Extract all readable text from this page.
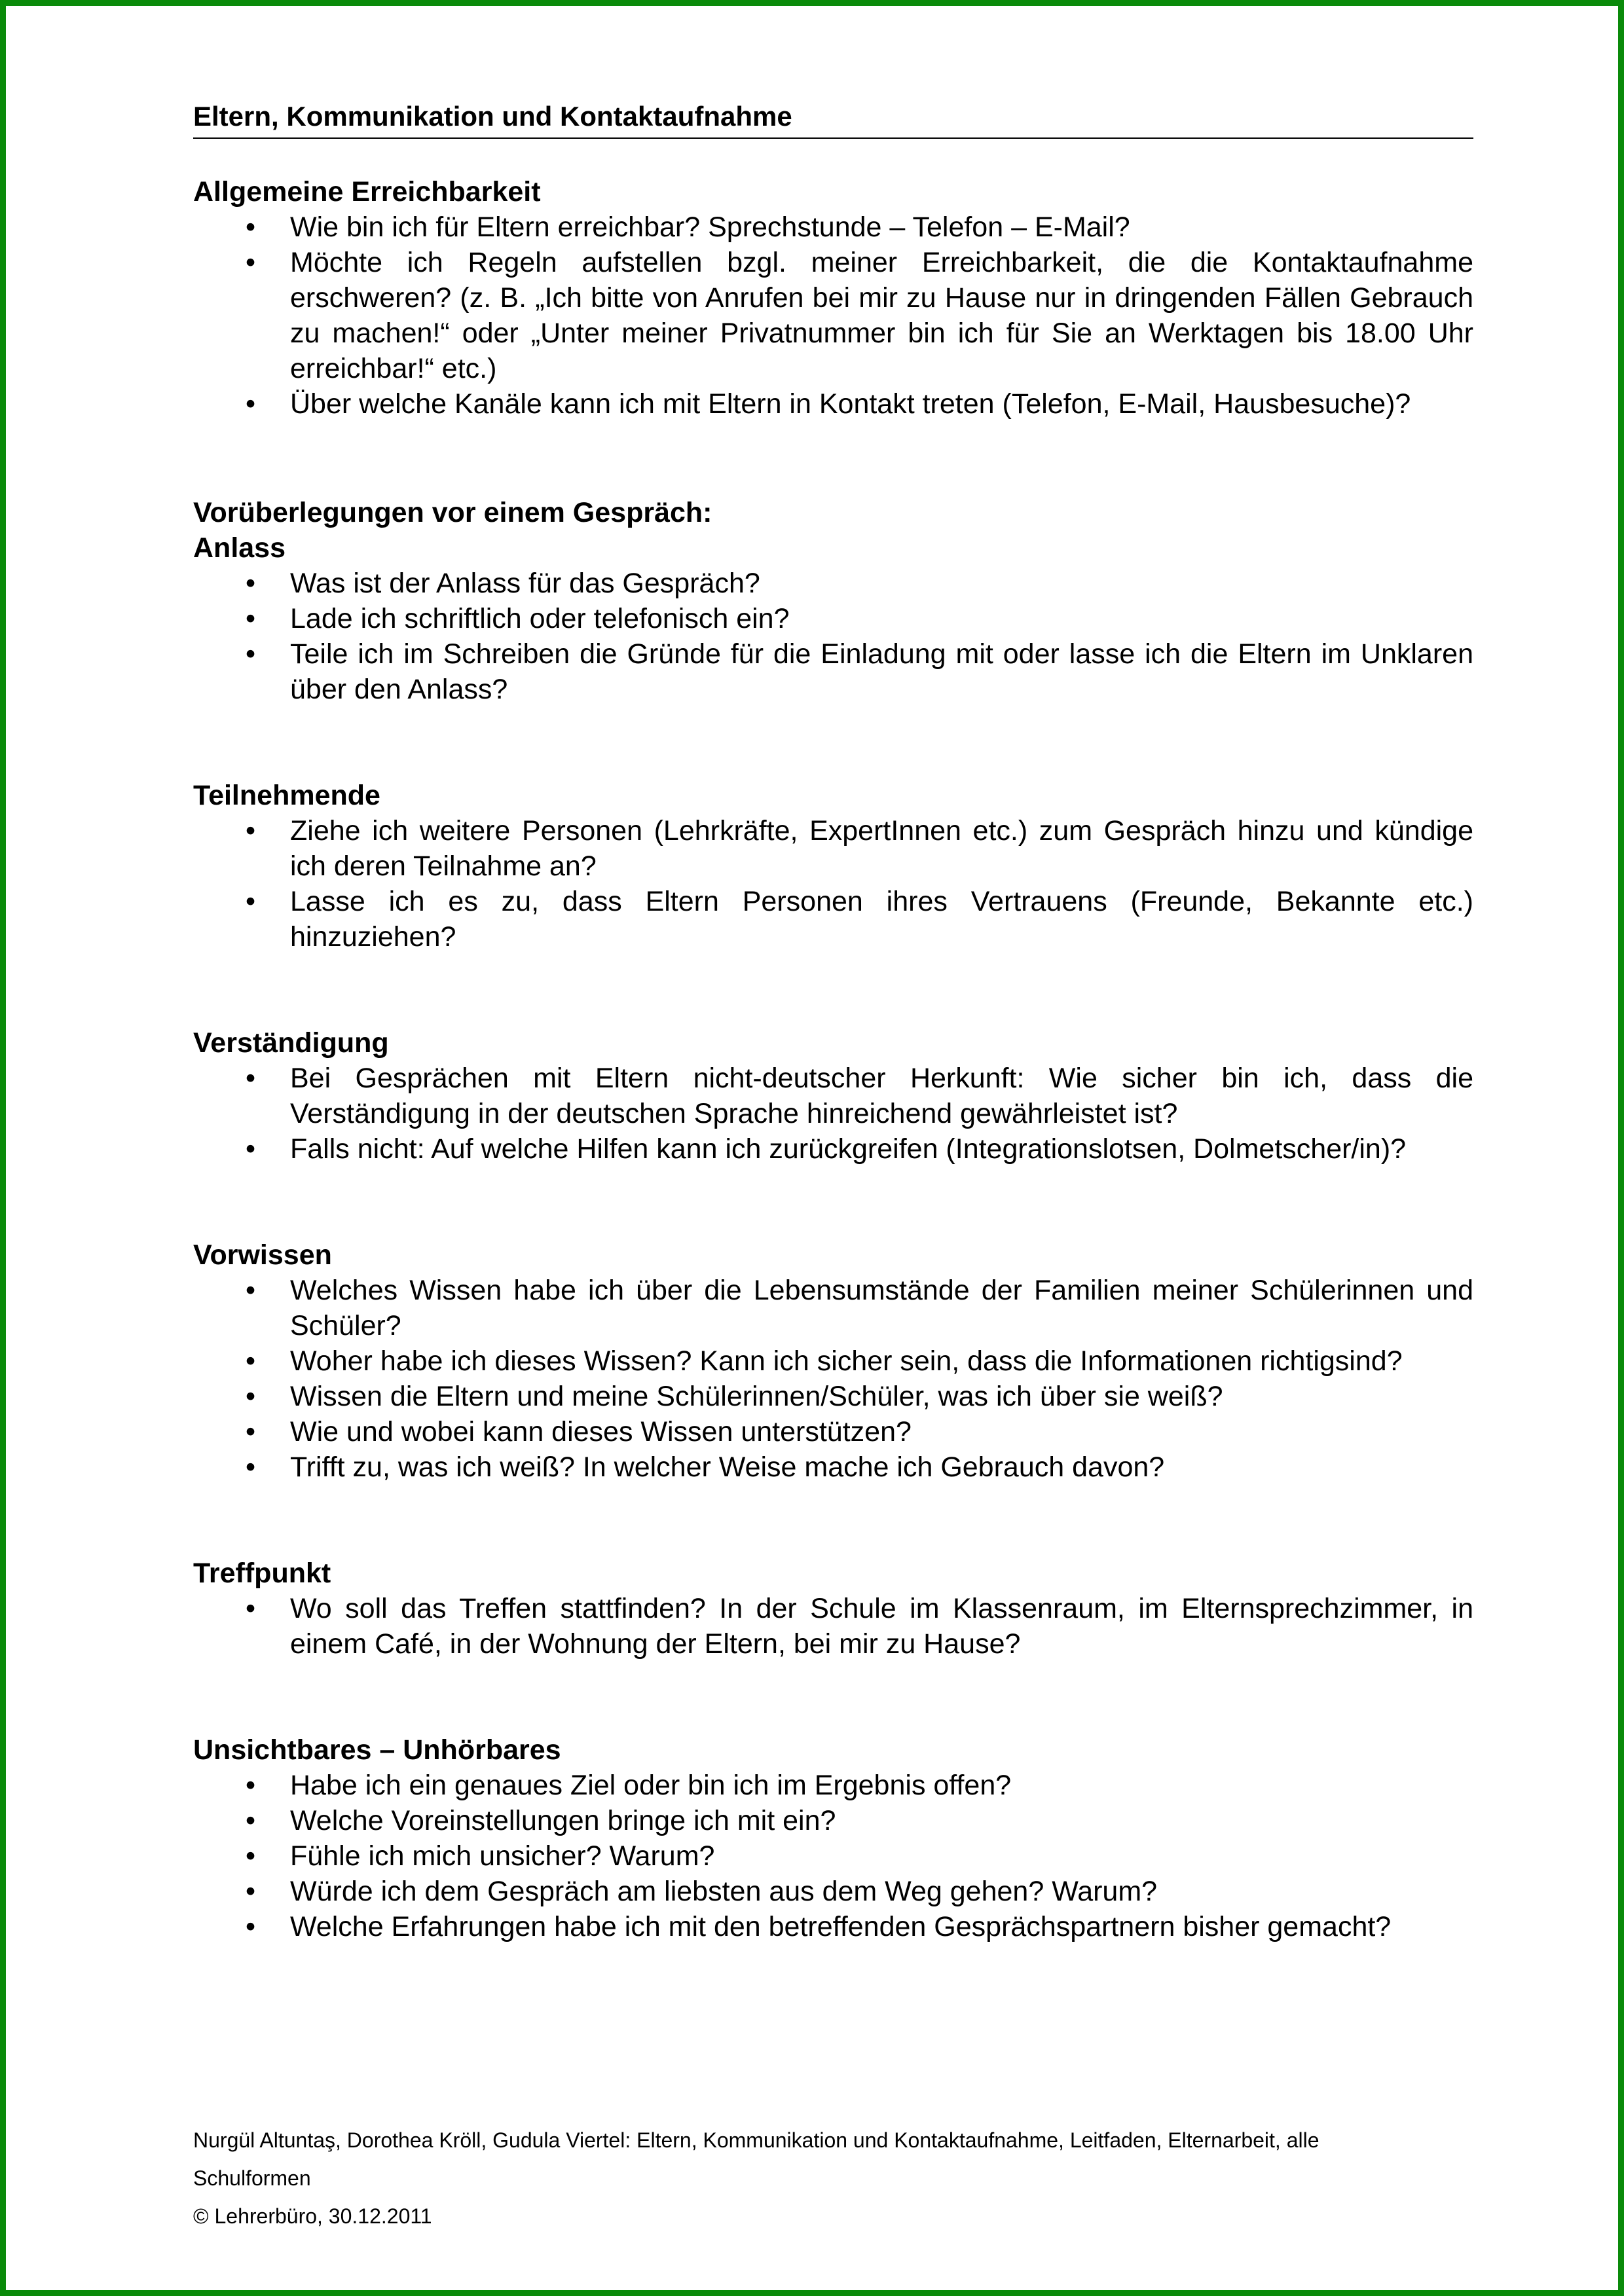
Eltern, Kommunikation und Kontaktaufnahme
Allgemeine Erreichbarkeit
• Wie bin ich für Eltern erreichbar? Sprechstunde – Telefon – E-Mail?
• Möchte ich Regeln aufstellen bzgl. meiner Erreichbarkeit, die die Kontaktaufnahme erschweren? (z. B. „Ich bitte von Anrufen bei mir zu Hause nur in dringenden Fällen Gebrauch zu machen!“ oder „Unter meiner Privatnummer bin ich für Sie an Werktagen bis 18.00 Uhr erreichbar!“ etc.)
• Über welche Kanäle kann ich mit Eltern in Kontakt treten (Telefon, E-Mail, Hausbesuche)?
Vorüberlegungen vor einem Gespräch:
Anlass
• Was ist der Anlass für das Gespräch?
• Lade ich schriftlich oder telefonisch ein?
• Teile ich im Schreiben die Gründe für die Einladung mit oder lasse ich die Eltern im Unklaren über den Anlass?
Teilnehmende
• Ziehe ich weitere Personen (Lehrkräfte, ExpertInnen etc.) zum Gespräch hinzu und kündige ich deren Teilnahme an?
• Lasse ich es zu, dass Eltern Personen ihres Vertrauens (Freunde, Bekannte etc.) hinzuziehen?
Verständigung
• Bei Gesprächen mit Eltern nicht-deutscher Herkunft: Wie sicher bin ich, dass die Verständigung in der deutschen Sprache hinreichend gewährleistet ist?
• Falls nicht: Auf welche Hilfen kann ich zurückgreifen (Integrationslotsen, Dolmetscher/in)?
Vorwissen
• Welches Wissen habe ich über die Lebensumstände der Familien meiner Schülerinnen und Schüler?
• Woher habe ich dieses Wissen? Kann ich sicher sein, dass die Informationen richtigsind?
• Wissen die Eltern und meine Schülerinnen/Schüler, was ich über sie weiß?
• Wie und wobei kann dieses Wissen unterstützen?
• Trifft zu, was ich weiß? In welcher Weise mache ich Gebrauch davon?
Treffpunkt
• Wo soll das Treffen stattfinden? In der Schule im Klassenraum, im Elternsprechzimmer, in einem Café, in der Wohnung der Eltern, bei mir zu Hause?
Unsichtbares – Unhörbares
• Habe ich ein genaues Ziel oder bin ich im Ergebnis offen?
• Welche Voreinstellungen bringe ich mit ein?
• Fühle ich mich unsicher? Warum?
• Würde ich dem Gespräch am liebsten aus dem Weg gehen? Warum?
• Welche Erfahrungen habe ich mit den betreffenden Gesprächspartnern bisher gemacht?
Nurgül Altuntaş, Dorothea Kröll, Gudula Viertel: Eltern, Kommunikation und Kontaktaufnahme, Leitfaden, Elternarbeit, alle Schulformen
© Lehrerbüro, 30.12.2011
